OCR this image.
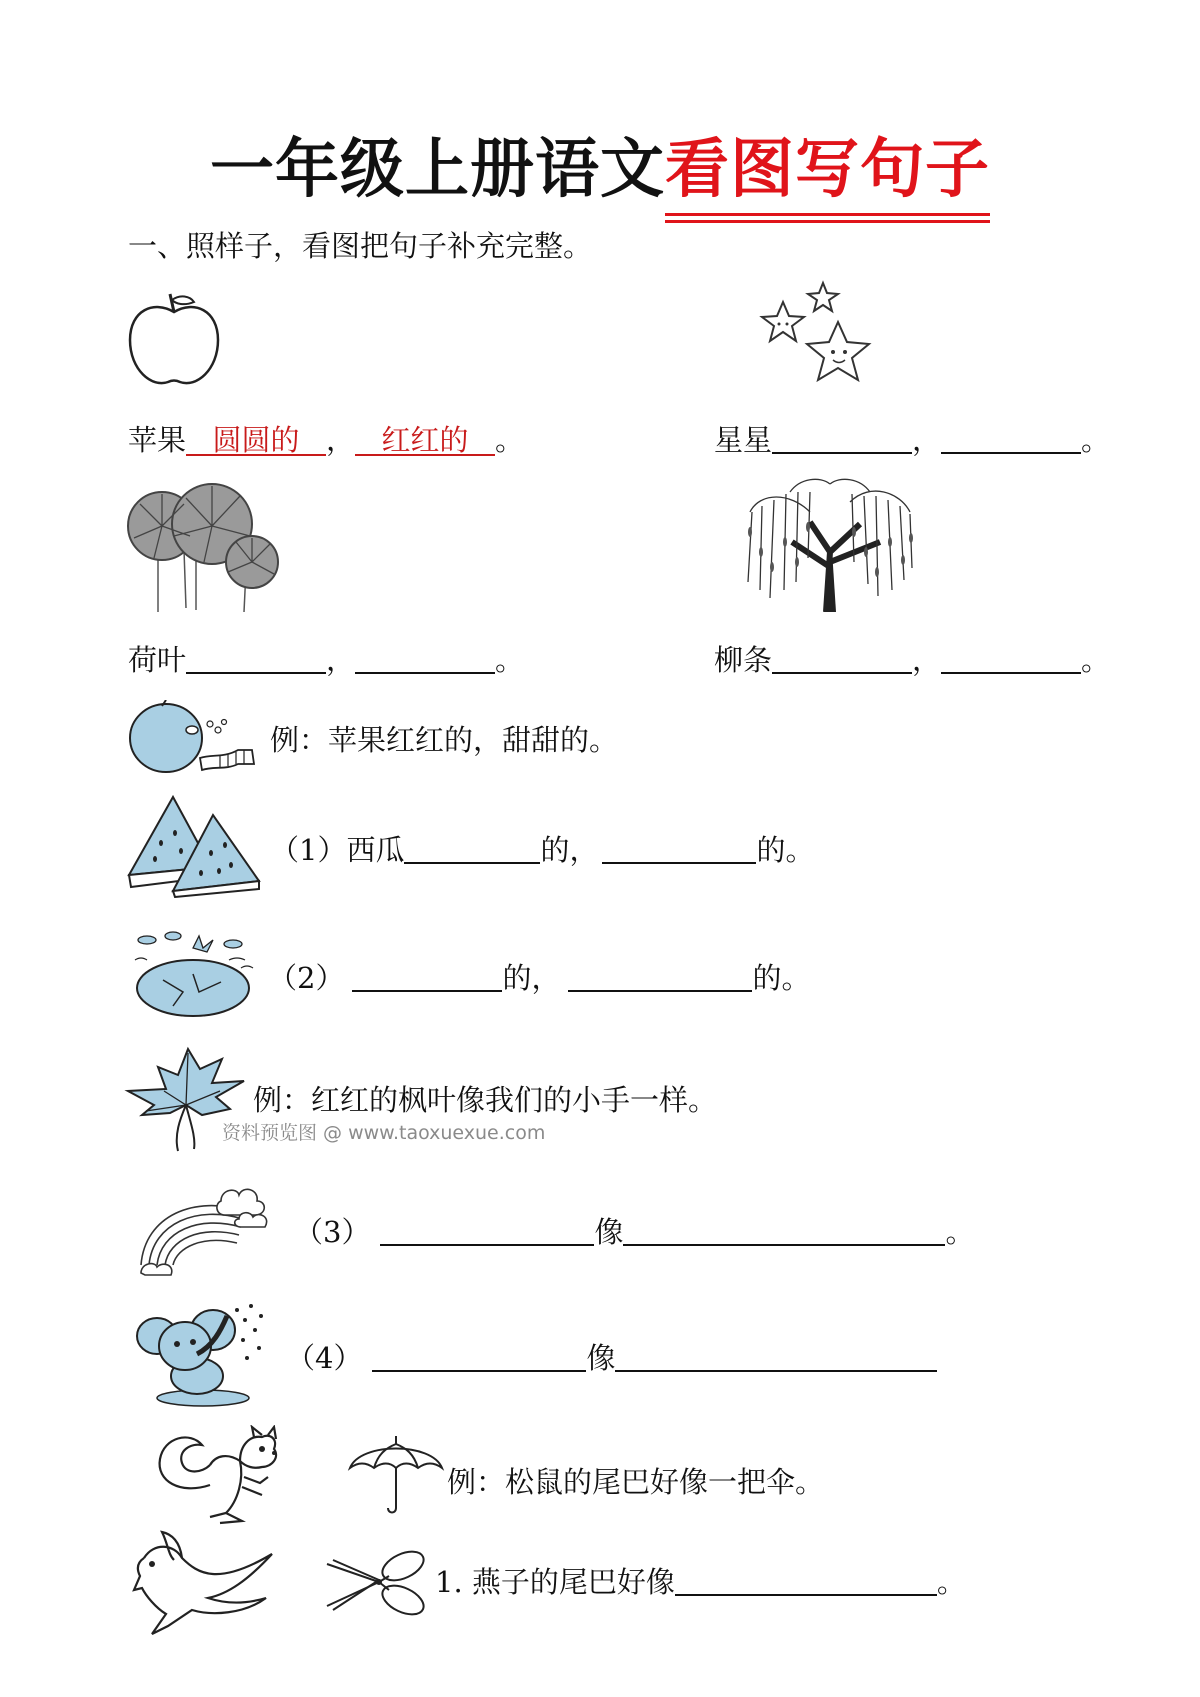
一年级上册语文看图写句子
一、照样子，看图把句子补充完整。
苹果 圆圆的 ， 红红的 。	星星	，	。
荷叶	，	。	柳条	，	。
例：苹果红红的，甜甜的。
（1）西瓜	的，	的。
（2）	的，	的。
例：红红的枫叶像我们的小手一样。
资料预览图 @ www.taoxuexue.com
（3）	像	。
（4）	像
例：松鼠的尾巴好像一把伞。
1. 燕子的尾巴好像	。
